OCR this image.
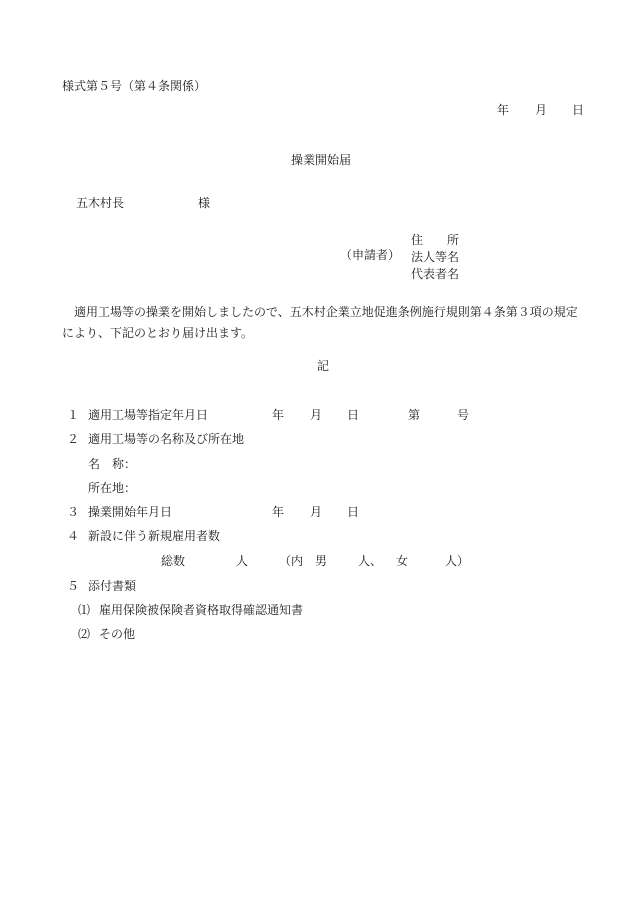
様式第５号（第４条関係）
年 月 日
操業開始届
五木村長	様
（申請者）
住　　所
法人等名
代表者名
　適用工場等の操業を開始しましたので、五木村企業立地促進条例施行規則第４条第３項の規定により、下記のとおり届け出ます。
記
１ 適用工場等指定年月日	年 月 日	第	号
２ 適用工場等の名称及び所在地
名　称：
所在地：
３ 操業開始年月日	年 月 日
４ 新設に伴う新規雇用者数
総数	人	（内　男	人、 女	人）
５ 添付書類
⑴ 雇用保険被保険者資格取得確認通知書
⑵ その他
